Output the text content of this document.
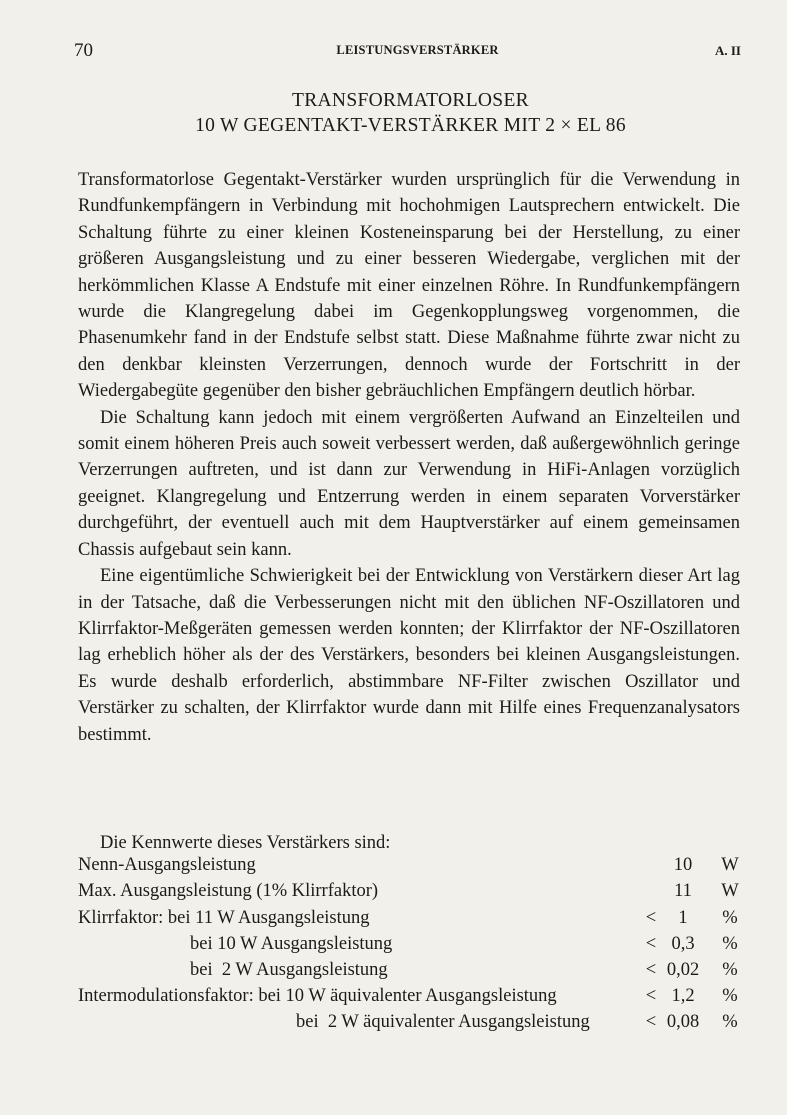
70	LEISTUNGSVERSTÄRKER	A. II
TRANSFORMATORLOSER
10 W GEGENTAKT-VERSTÄRKER MIT 2 × EL 86

Transformatorlose Gegentakt-Verstärker wurden ursprünglich für die Verwendung in Rundfunkempfängern in Verbindung mit hochohmigen Lautsprechern entwickelt. Die Schaltung führte zu einer kleinen Kosteneinsparung bei der Herstellung, zu einer größeren Ausgangsleistung und zu einer besseren Wiedergabe, verglichen mit der herkömmlichen Klasse A Endstufe mit einer einzelnen Röhre. In Rundfunkempfängern wurde die Klangregelung dabei im Gegenkopplungsweg vorgenommen, die Phasenumkehr fand in der Endstufe selbst statt. Diese Maßnahme führte zwar nicht zu den denkbar kleinsten Verzerrungen, dennoch wurde der Fortschritt in der Wiedergabegüte gegenüber den bisher gebräuchlichen Empfängern deutlich hörbar.

Die Schaltung kann jedoch mit einem vergrößerten Aufwand an Einzelteilen und somit einem höheren Preis auch soweit verbessert werden, daß außergewöhnlich geringe Verzerrungen auftreten, und ist dann zur Verwendung in HiFi-Anlagen vorzüglich geeignet. Klangregelung und Entzerrung werden in einem separaten Vorverstärker durchgeführt, der eventuell auch mit dem Hauptverstärker auf einem gemeinsamen Chassis aufgebaut sein kann.

Eine eigentümliche Schwierigkeit bei der Entwicklung von Verstärkern dieser Art lag in der Tatsache, daß die Verbesserungen nicht mit den üblichen NF-Oszillatoren und Klirrfaktor-Meßgeräten gemessen werden konnten; der Klirrfaktor der NF-Oszillatoren lag erheblich höher als der des Verstärkers, besonders bei kleinen Ausgangsleistungen. Es wurde deshalb erforderlich, abstimmbare NF-Filter zwischen Oszillator und Verstärker zu schalten, der Klirrfaktor wurde dann mit Hilfe eines Frequenzanalysators bestimmt.

Die Kennwerte dieses Verstärkers sind:
Nenn-Ausgangsleistung	10	W
Max. Ausgangsleistung (1% Klirrfaktor)	11	W
Klirrfaktor: bei 11 W Ausgangsleistung	<	1	%
bei 10 W Ausgangsleistung	< 0,3	%
bei  2 W Ausgangsleistung	< 0,02	%
Intermodulationsfaktor: bei 10 W äquivalenter Ausgangsleistung	< 1,2	%
bei  2 W äquivalenter Ausgangsleistung	< 0,08	%
